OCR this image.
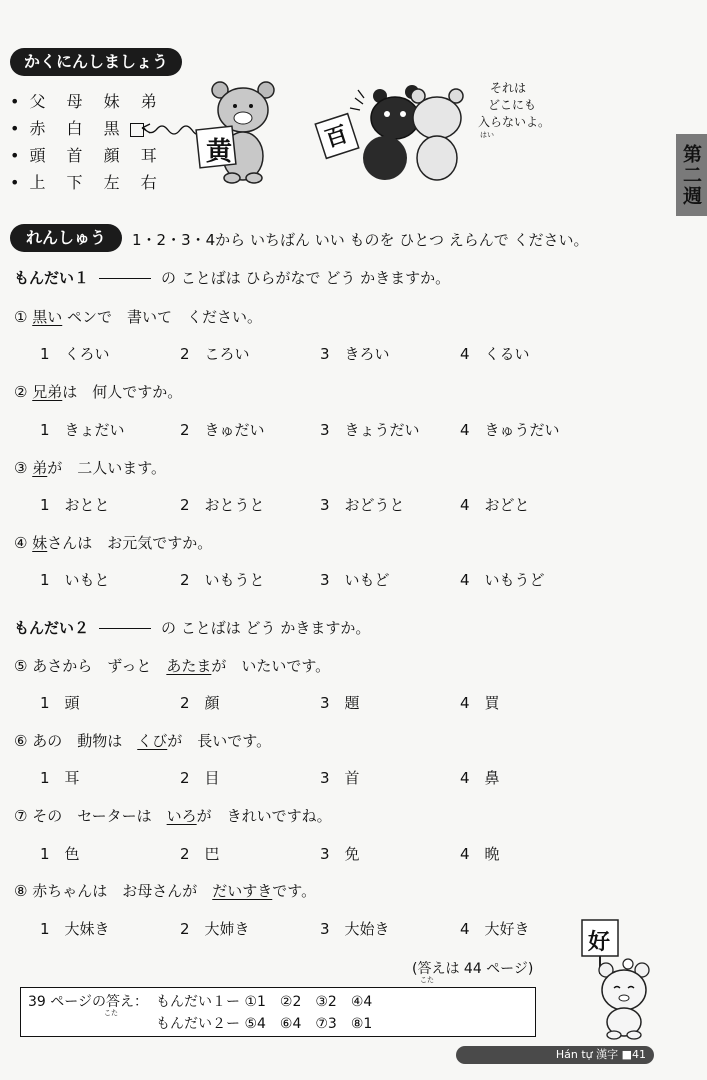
かくにんしましょう
• 父 母 妹 弟
• 赤 白 黒
• 頭 首 顔 耳
• 上 下 左 右
黄	百
それは
どこにも
入らないよ。
はい
第二週
れんしゅう	1・2・3・4から いちばん いい ものを ひとつ えらんで ください。
もんだい１	の ことばは ひらがなで どう かきますか。
① 黒い ペンで　書いて　ください。
1　くろい	2　ころい	3　きろい	4　くるい
② 兄弟は　何人ですか。
1　きょだい	2　きゅだい	3　きょうだい	4　きゅうだい
③ 弟が　二人います。
1　おとと	2　おとうと	3　おどうと	4　おどと
④ 妹さんは　お元気ですか。
1　いもと	2　いもうと	3　いもど	4　いもうど
もんだい２	の ことばは どう かきますか。
⑤ あさから　ずっと　あたまが　いたいです。
1　頭	2　顔	3　題	4　買
⑥ あの　動物は　くびが　長いです。
1　耳	2　目	3　首	4　鼻
⑦ その　セーターは　いろが　きれいですね。
1　色	2　巴	3　免	4　晩
⑧ 赤ちゃんは　お母さんが　だいすきです。
1　大妹き	2　大姉き	3　大始き	4　大好き
(答えは 44 ページ)
こた
39 ページの答え：
こた
もんだい１ー ①1　②2　③2　④4
もんだい２ー ⑤4　⑥4　⑦3　⑧1
好
Hán tự 漢字 ■41
